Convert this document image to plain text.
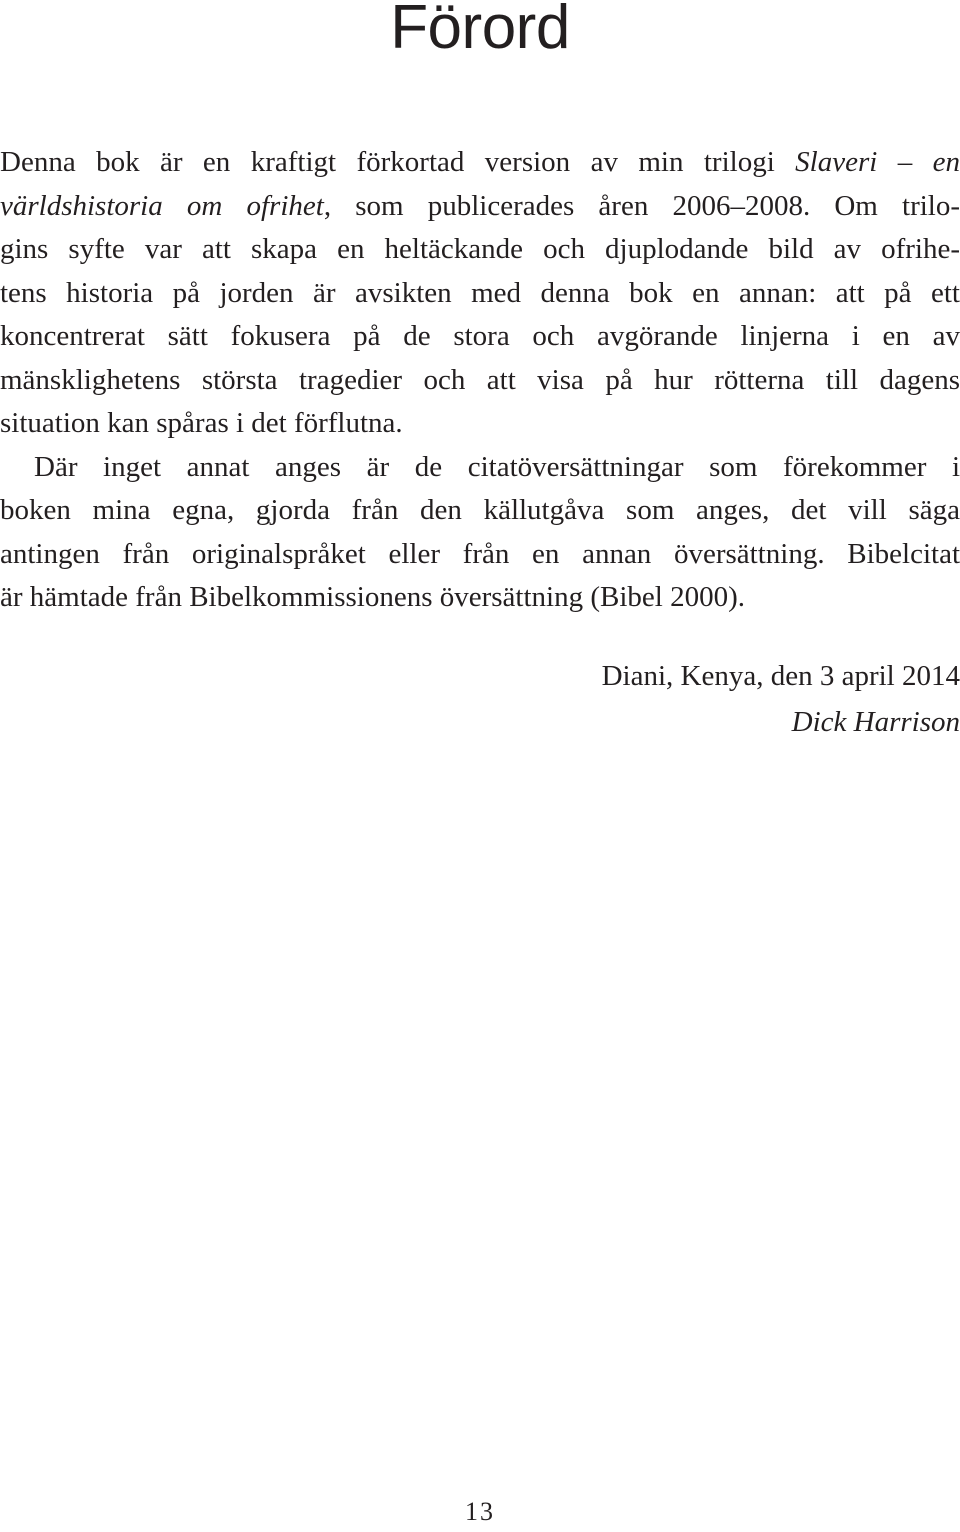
Förord
Denna bok är en kraftigt förkortad version av min trilogi Slaveri – en
världshistoria om ofrihet, som publicerades åren 2006–2008. Om trilo-
gins syfte var att skapa en heltäckande och djuplodande bild av ofrihe-
tens historia på jorden är avsikten med denna bok en annan: att på ett
koncentrerat sätt fokusera på de stora och avgörande linjerna i en av
mänsklighetens största tragedier och att visa på hur rötterna till dagens
situation kan spåras i det förflutna.
Där inget annat anges är de citatöversättningar som förekommer i
boken mina egna, gjorda från den källutgåva som anges, det vill säga
antingen från originalspråket eller från en annan översättning. Bibelcitat
är hämtade från Bibelkommissionens översättning (Bibel 2000).
Diani, Kenya, den 3 april 2014
Dick Harrison
13
